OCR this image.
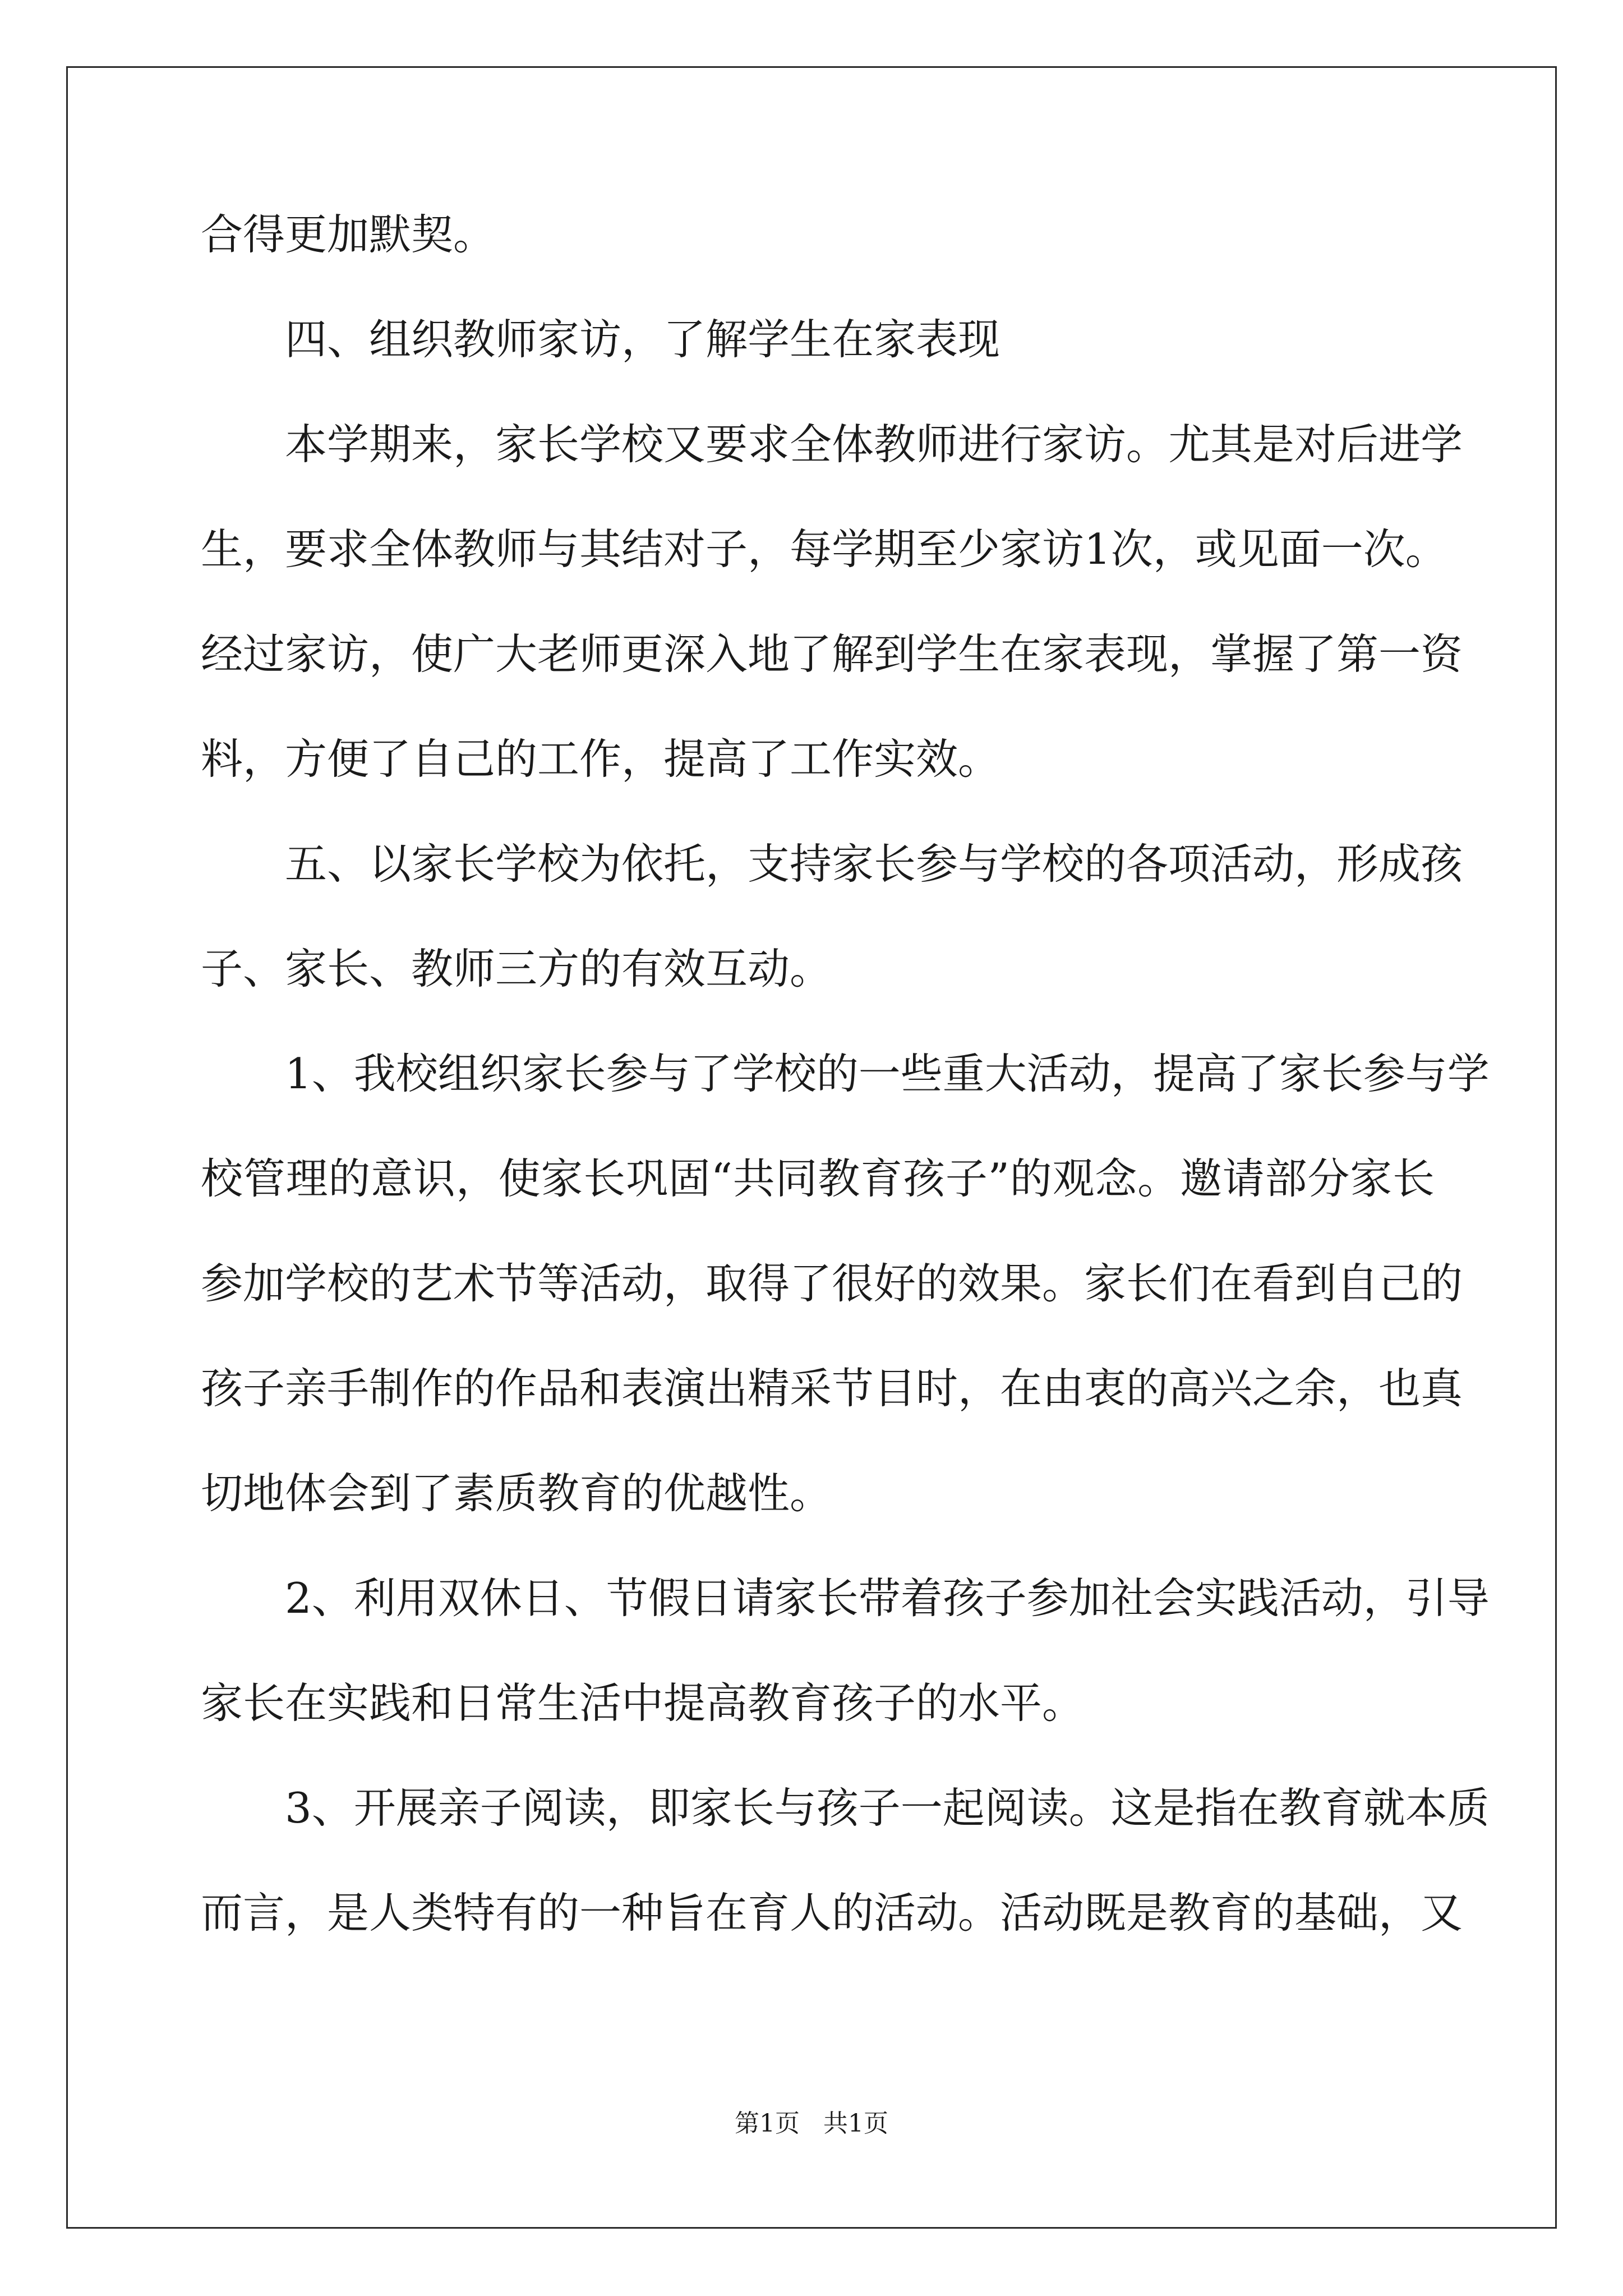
合得更加默契。
四、组织教师家访，了解学生在家表现
本学期来，家长学校又要求全体教师进行家访。尤其是对后进学
生，要求全体教师与其结对子，每学期至少家访1次，或见面一次。
经过家访，使广大老师更深入地了解到学生在家表现，掌握了第一资
料，方便了自己的工作，提高了工作实效。
五、以家长学校为依托，支持家长参与学校的各项活动，形成孩
子、家长、教师三方的有效互动。
1、我校组织家长参与了学校的一些重大活动，提高了家长参与学
校管理的意识，使家长巩固“共同教育孩子”的观念。邀请部分家长
参加学校的艺术节等活动，取得了很好的效果。家长们在看到自己的
孩子亲手制作的作品和表演出精采节目时，在由衷的高兴之余，也真
切地体会到了素质教育的优越性。
2、利用双休日、节假日请家长带着孩子参加社会实践活动，引导
家长在实践和日常生活中提高教育孩子的水平。
3、开展亲子阅读，即家长与孩子一起阅读。这是指在教育就本质
而言，是人类特有的一种旨在育人的活动。活动既是教育的基础，又
第1页 共1页
